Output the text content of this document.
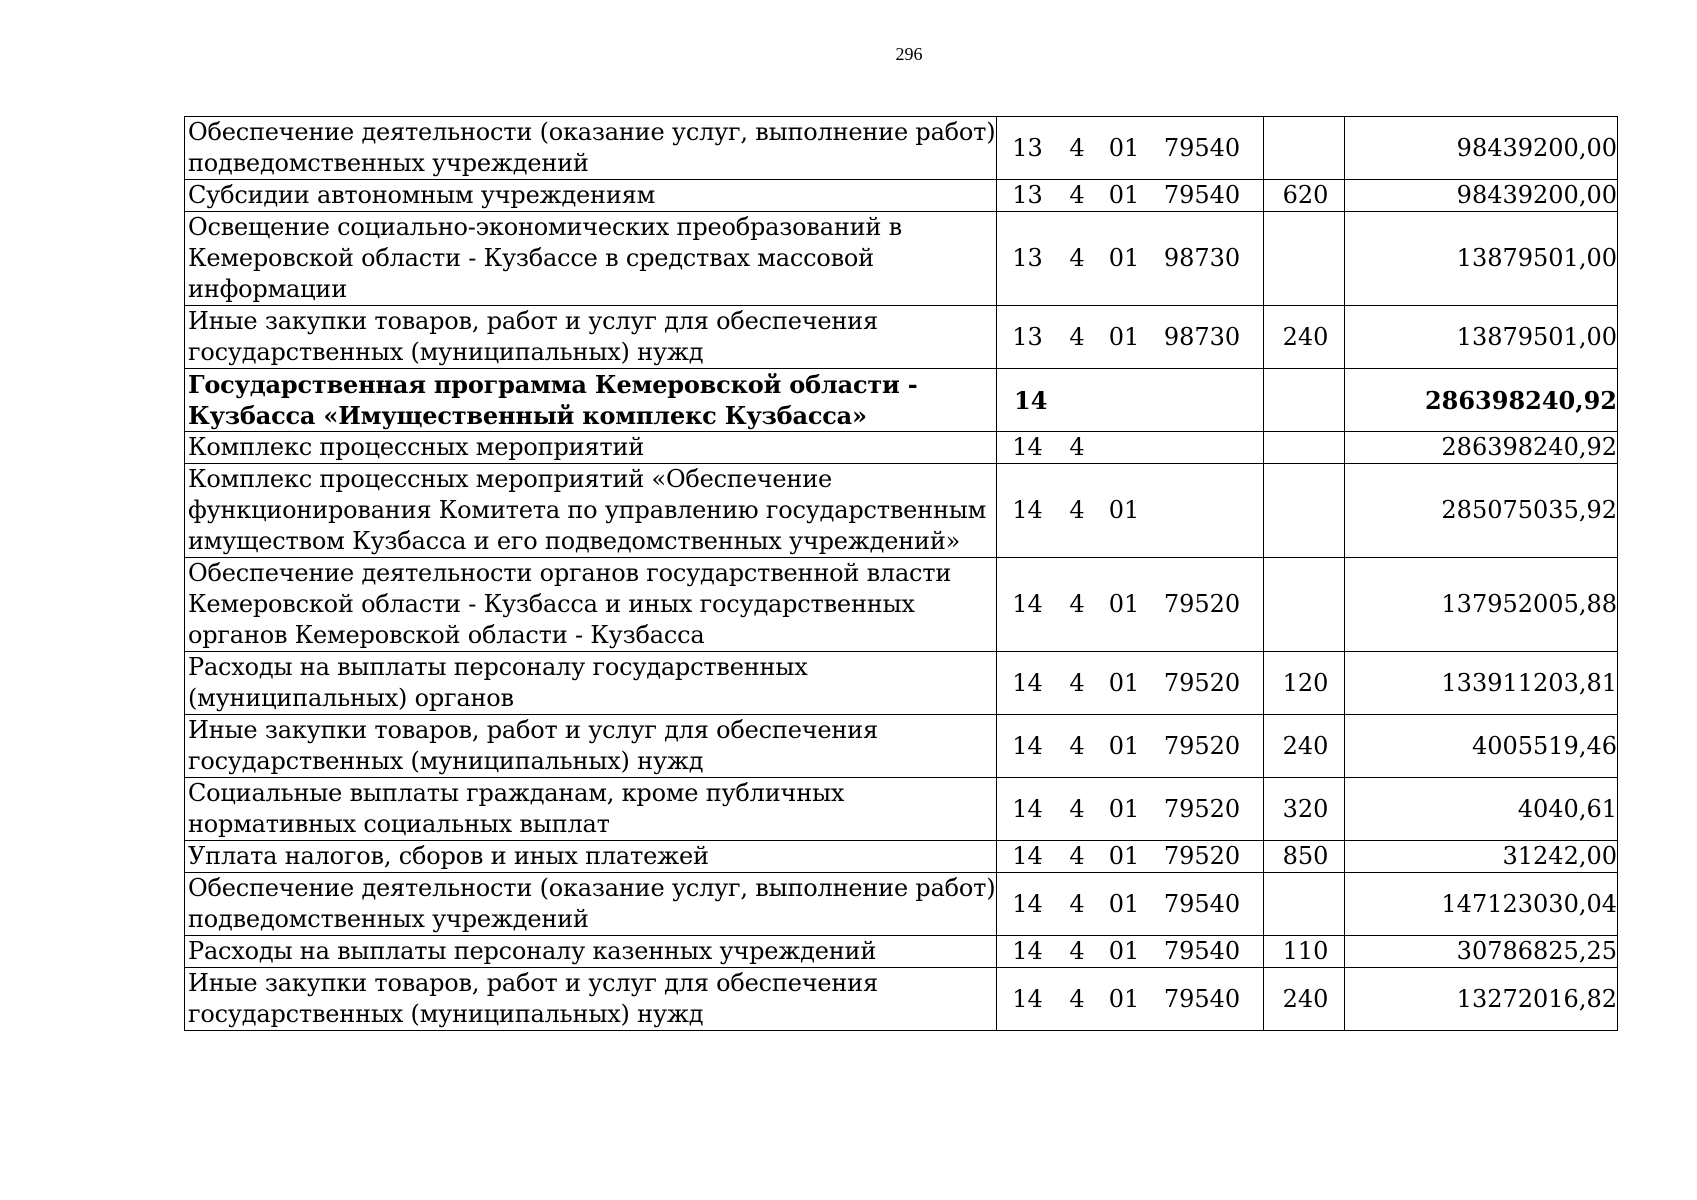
296
Обеспечение деятельности (оказание услуг, выполнение работ) подведомственных учреждений	13 4 01 79540		98439200,00
Субсидии автономным учреждениям	13 4 01 79540	620	98439200,00
Освещение социально-экономических преобразований в Кемеровской области - Кузбассе в средствах массовой информации	13 4 01 98730		13879501,00
Иные закупки товаров, работ и услуг для обеспечения государственных (муниципальных) нужд	13 4 01 98730	240	13879501,00
Государственная программа Кемеровской области - Кузбасса «Имущественный комплекс Кузбасса»	14		286398240,92
Комплекс процессных мероприятий	14 4		286398240,92
Комплекс процессных мероприятий «Обеспечение функционирования Комитета по управлению государственным имуществом Кузбасса и его подведомственных учреждений»	14 4 01		285075035,92
Обеспечение деятельности органов государственной власти Кемеровской области - Кузбасса и иных государственных органов Кемеровской области - Кузбасса	14 4 01 79520		137952005,88
Расходы на выплаты персоналу государственных (муниципальных) органов	14 4 01 79520	120	133911203,81
Иные закупки товаров, работ и услуг для обеспечения государственных (муниципальных) нужд	14 4 01 79520	240	4005519,46
Социальные выплаты гражданам, кроме публичных нормативных социальных выплат	14 4 01 79520	320	4040,61
Уплата налогов, сборов и иных платежей	14 4 01 79520	850	31242,00
Обеспечение деятельности (оказание услуг, выполнение работ) подведомственных учреждений	14 4 01 79540		147123030,04
Расходы на выплаты персоналу казенных учреждений	14 4 01 79540	110	30786825,25
Иные закупки товаров, работ и услуг для обеспечения государственных (муниципальных) нужд	14 4 01 79540	240	13272016,82
